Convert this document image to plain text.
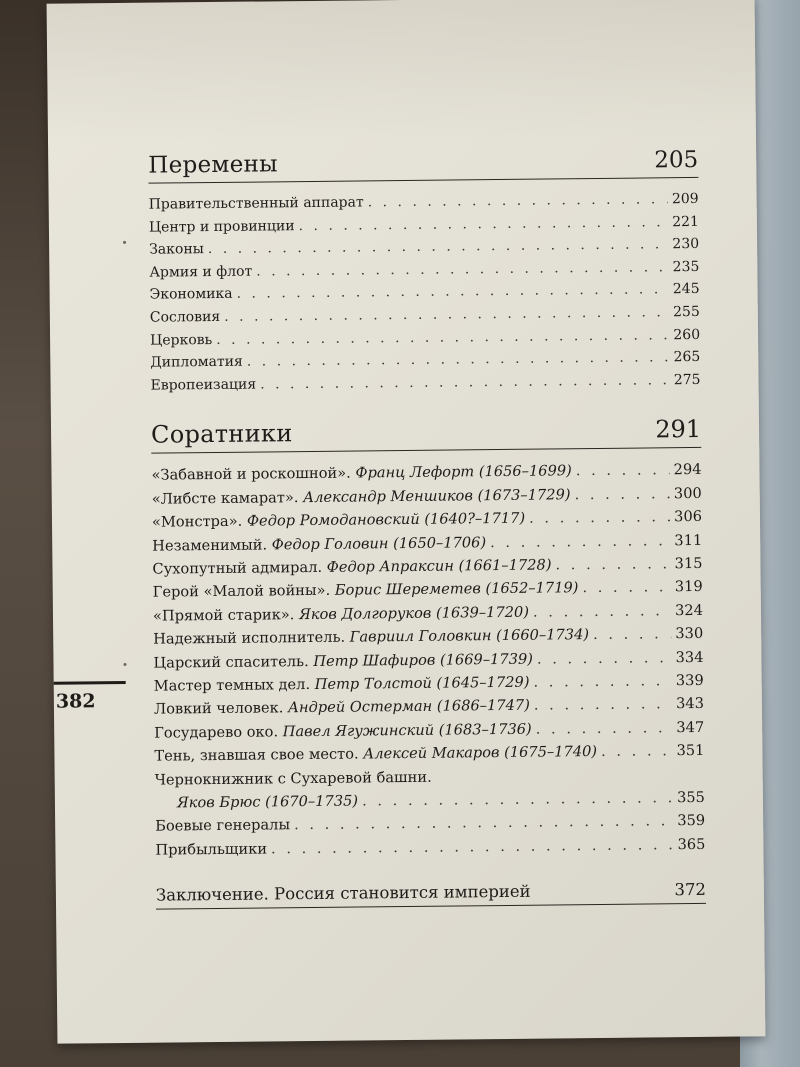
382
Перемены	205
Правительственный аппарат . . .	209
Центр и провинции . . .	221
Законы . . .	230
Армия и флот . . .	235
Экономика . . .	245
Сословия . . .	255
Церковь . . .	260
Дипломатия . . .	265
Европеизация . . .	275
Соратники	291
«Забавной и роскошной». Франц Лефорт (1656–1699) . . .	294
«Либсте камарат». Александр Меншиков (1673–1729) . . .	300
«Монстра». Федор Ромодановский (1640?–1717) . . .	306
Незаменимый. Федор Головин (1650–1706) . . .	311
Сухопутный адмирал. Федор Апраксин (1661–1728) . . .	315
Герой «Малой войны». Борис Шереметев (1652–1719) . . .	319
«Прямой старик». Яков Долгоруков (1639–1720) . . .	324
Надежный исполнитель. Гавриил Головкин (1660–1734) . . .	330
Царский спаситель. Петр Шафиров (1669–1739) . . .	334
Мастер темных дел. Петр Толстой (1645–1729) . . .	339
Ловкий человек. Андрей Остерман (1686–1747) . . .	343
Государево око. Павел Ягужинский (1683–1736) . . .	347
Тень, знавшая свое место. Алексей Макаров (1675–1740) . . .	351
Чернокнижник с Сухаревой башни.
Яков Брюс (1670–1735) . . .	355
Боевые генералы . . .	359
Прибыльщики . . .	365
Заключение. Россия становится империей	372
